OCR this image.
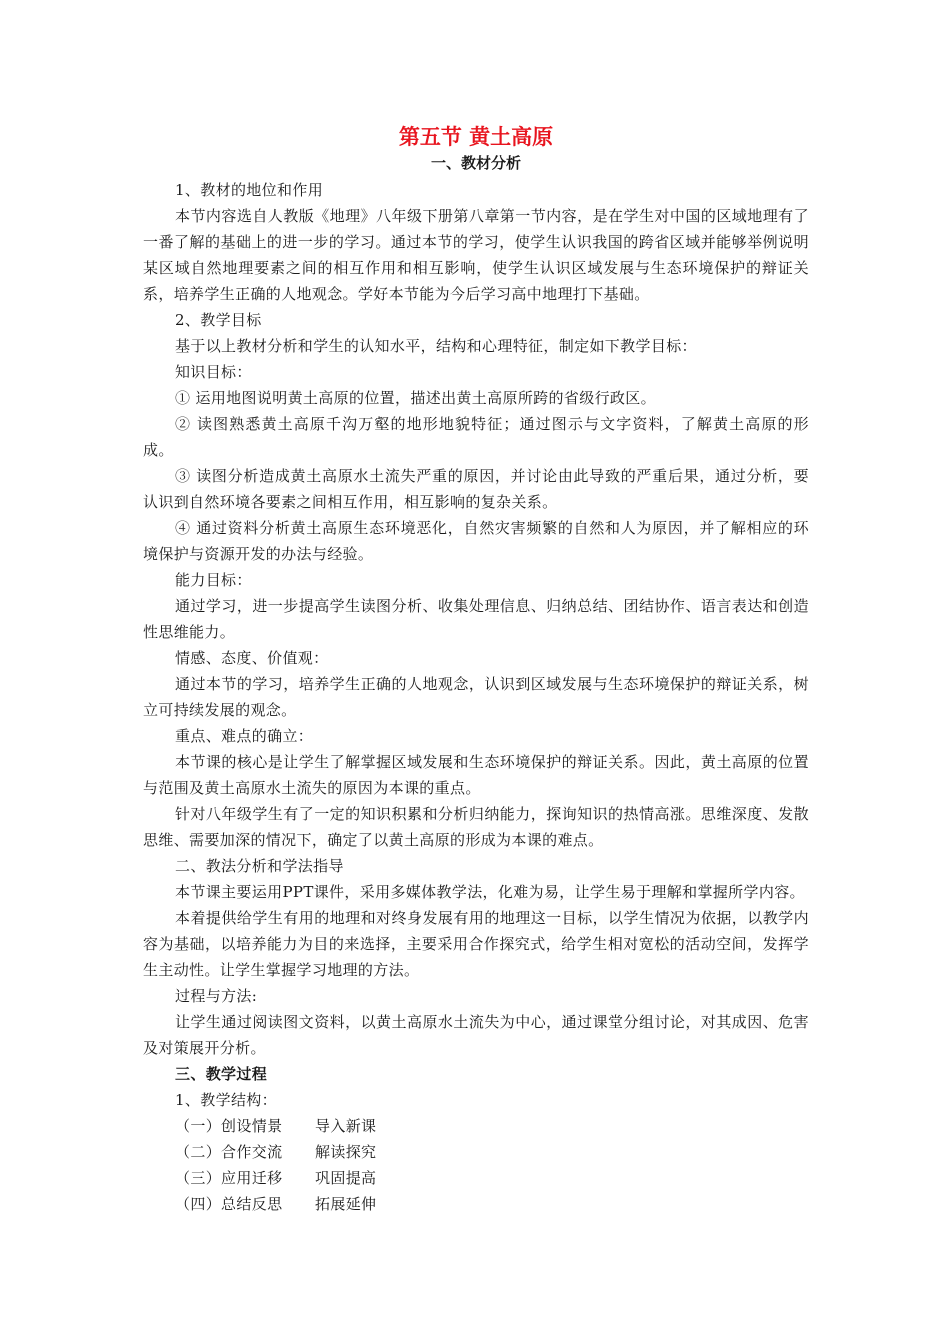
第五节 黄土高原
一、教材分析

1、教材的地位和作用

本节内容选自人教版《地理》八年级下册第八章第一节内容，是在学生对中国的区域地理有了一番了解的基础上的进一步的学习。通过本节的学习，使学生认识我国的跨省区域并能够举例说明某区域自然地理要素之间的相互作用和相互影响，使学生认识区域发展与生态环境保护的辩证关系，培养学生正确的人地观念。学好本节能为今后学习高中地理打下基础。

2、教学目标

基于以上教材分析和学生的认知水平，结构和心理特征，制定如下教学目标：

知识目标：

① 运用地图说明黄土高原的位置，描述出黄土高原所跨的省级行政区。

② 读图熟悉黄土高原千沟万壑的地形地貌特征；通过图示与文字资料，了解黄土高原的形成。

③ 读图分析造成黄土高原水土流失严重的原因，并讨论由此导致的严重后果，通过分析，要认识到自然环境各要素之间相互作用，相互影响的复杂关系。

④ 通过资料分析黄土高原生态环境恶化，自然灾害频繁的自然和人为原因，并了解相应的环境保护与资源开发的办法与经验。

能力目标：

通过学习，进一步提高学生读图分析、收集处理信息、归纳总结、团结协作、语言表达和创造性思维能力。

情感、态度、价值观：

通过本节的学习，培养学生正确的人地观念，认识到区域发展与生态环境保护的辩证关系，树立可持续发展的观念。

重点、难点的确立：

本节课的核心是让学生了解掌握区域发展和生态环境保护的辩证关系。因此，黄土高原的位置与范围及黄土高原水土流失的原因为本课的重点。

针对八年级学生有了一定的知识积累和分析归纳能力，探询知识的热情高涨。思维深度、发散思维、需要加深的情况下，确定了以黄土高原的形成为本课的难点。

二、教法分析和学法指导

本节课主要运用PPT课件，采用多媒体教学法，化难为易，让学生易于理解和掌握所学内容。

本着提供给学生有用的地理和对终身发展有用的地理这一目标，以学生情况为依据，以教学内容为基础，以培养能力为目的来选择，主要采用合作探究式，给学生相对宽松的活动空间，发挥学生主动性。让学生掌握学习地理的方法。

过程与方法:

让学生通过阅读图文资料，以黄土高原水土流失为中心，通过课堂分组讨论，对其成因、危害及对策展开分析。

三、教学过程

1、教学结构：

（一）创设情景 导入新课

（二）合作交流 解读探究

（三）应用迁移 巩固提高

（四）总结反思 拓展延伸
